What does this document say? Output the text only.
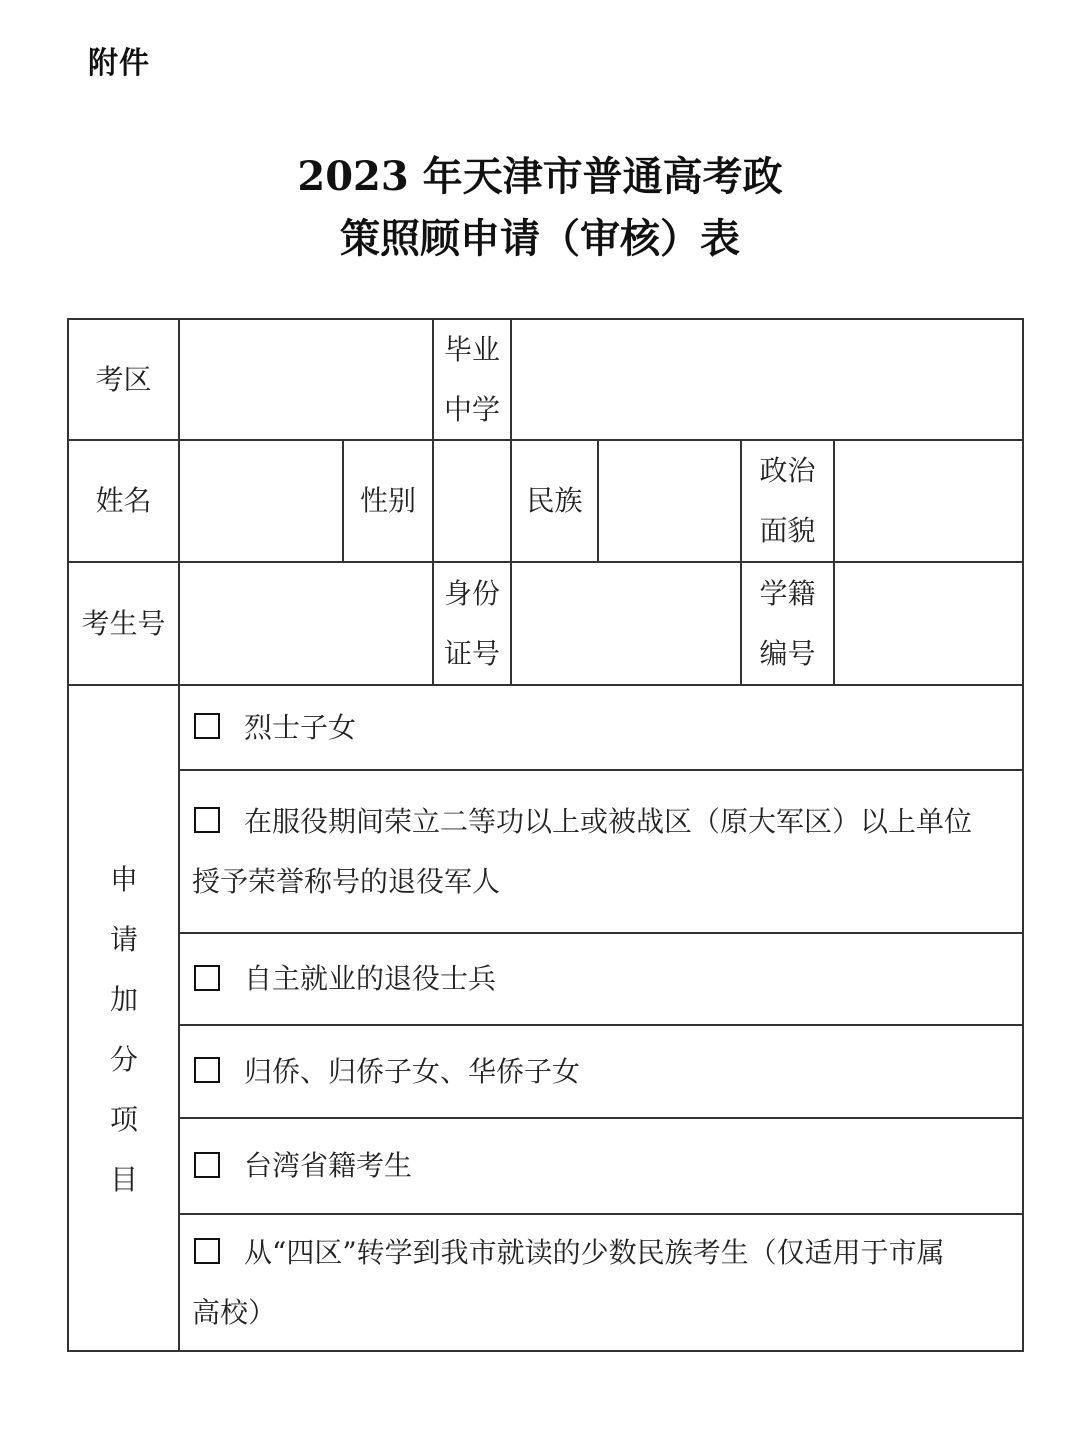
附件
2023 年天津市普通高考政
策照顾申请（审核）表
考区
毕业
中学
姓名	性别	民族
政治
面貌
考生号
身份
证号
学籍
编号
申
请
加
分
项
目
烈士子女
在服役期间荣立二等功以上或被战区（原大军区）以上单位
授予荣誉称号的退役军人
自主就业的退役士兵
归侨、归侨子女、华侨子女
台湾省籍考生
从“四区”转学到我市就读的少数民族考生（仅适用于市属
高校）
